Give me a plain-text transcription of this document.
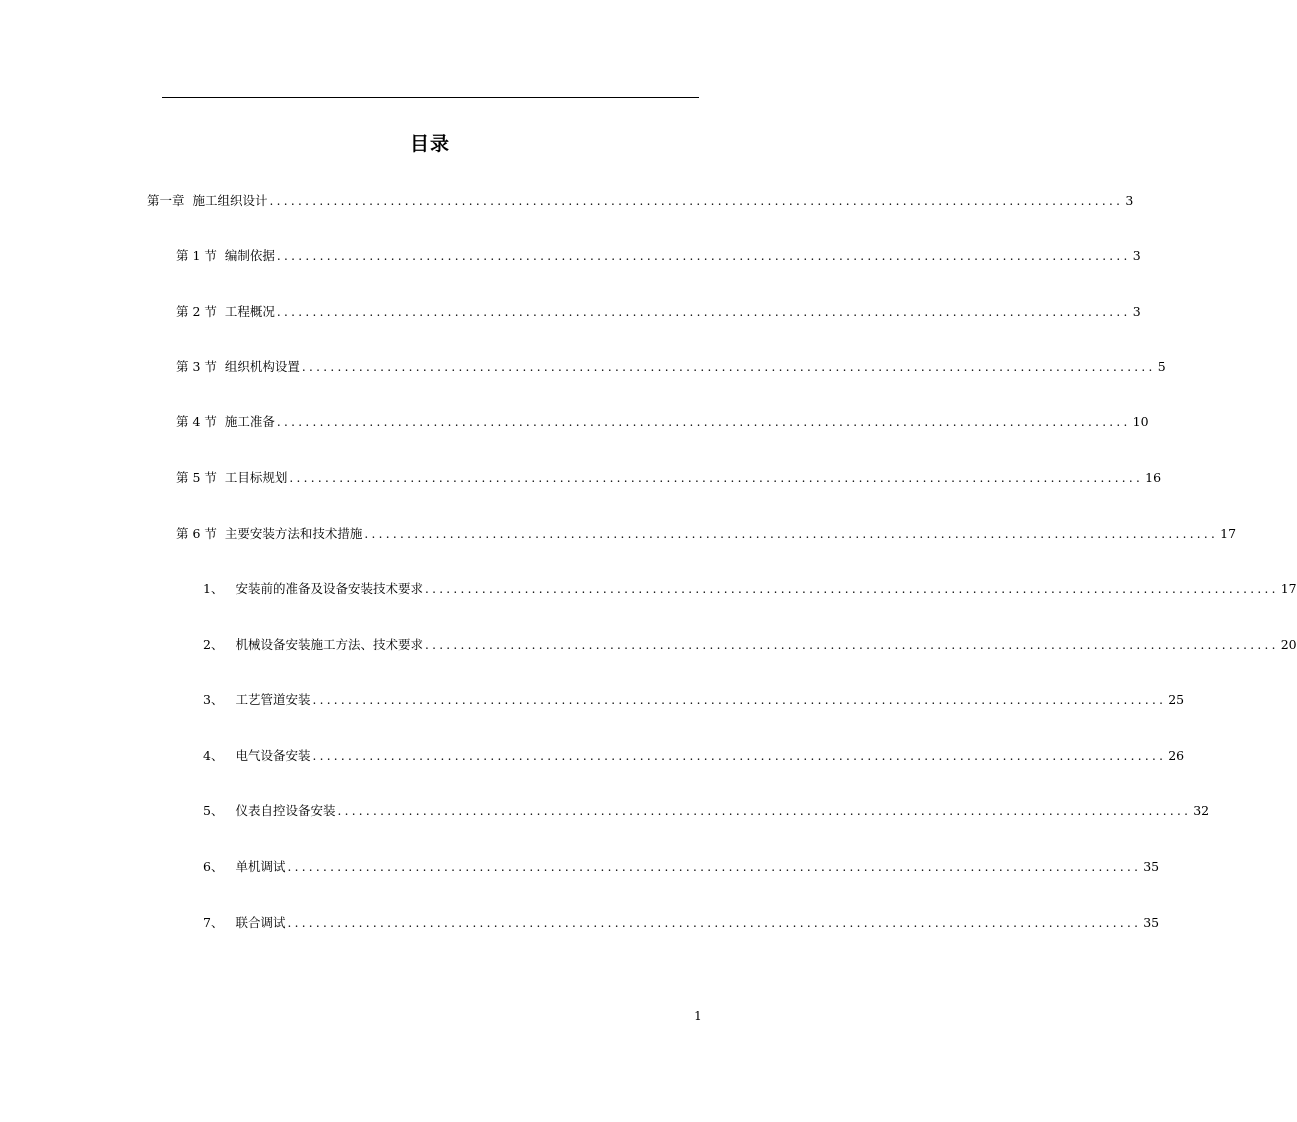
目录
第一章 施工组织设计 ........................................................................................................................ 3
第 1 节 编制依据 ........................................................................................................................ 3
第 2 节 工程概况 ........................................................................................................................ 3
第 3 节 组织机构设置 ........................................................................................................................ 5
第 4 节 施工准备 ........................................................................................................................ 10
第 5 节 工目标规划 ........................................................................................................................ 16
第 6 节 主要安装方法和技术措施 ........................................................................................................................ 17
1、 安装前的准备及设备安装技术要求 ........................................................................................................................ 17
2、 机械设备安装施工方法、技术要求 ........................................................................................................................ 20
3、 工艺管道安装 ........................................................................................................................ 25
4、 电气设备安装 ........................................................................................................................ 26
5、 仪表自控设备安装 ........................................................................................................................ 32
6、 单机调试 ........................................................................................................................ 35
7、 联合调试 ........................................................................................................................ 35
1
